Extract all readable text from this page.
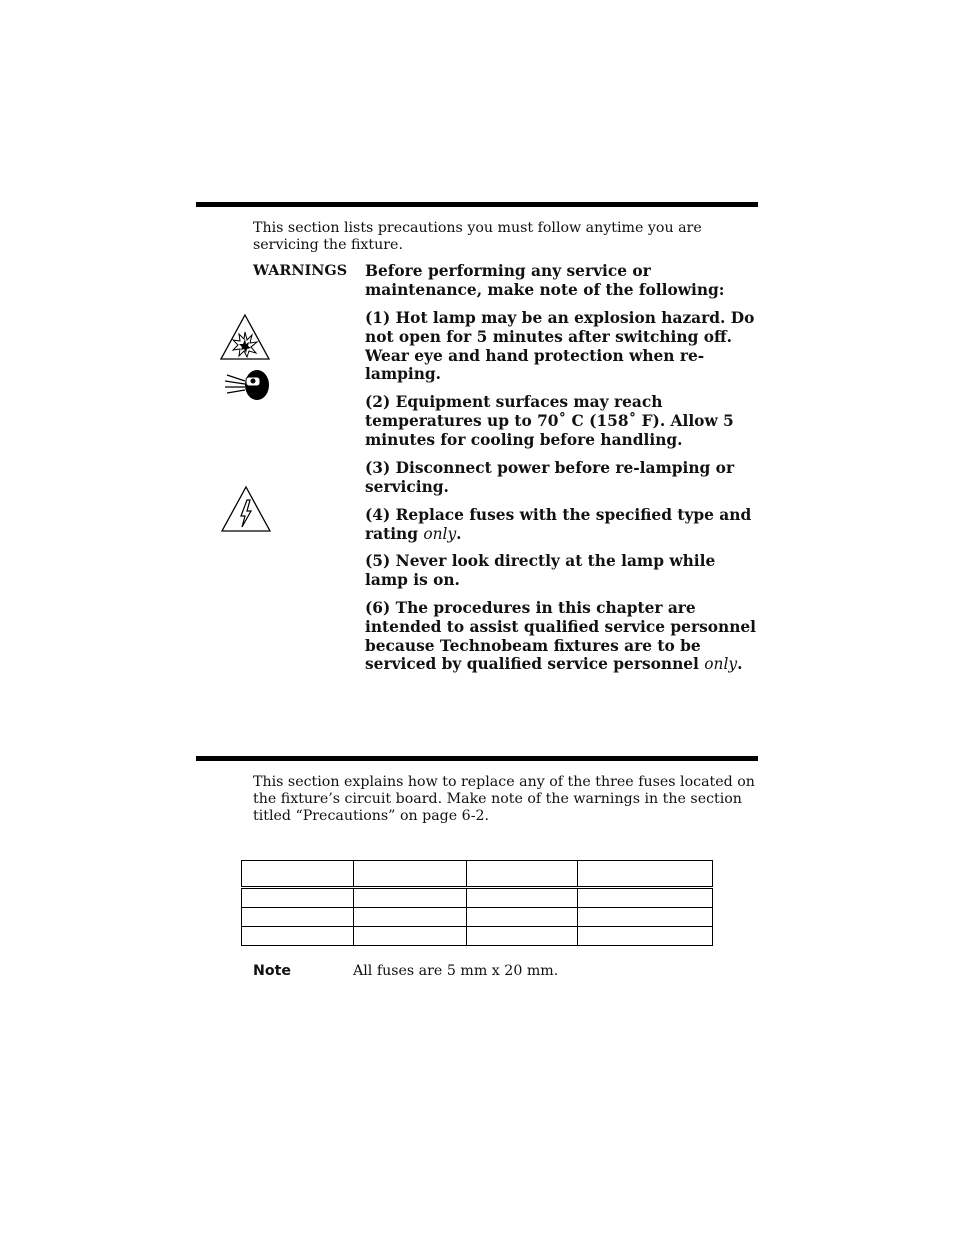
This section lists precautions you must follow anytime you are servicing the fixture.
WARNINGS Before performing any service or maintenance, make note of the following:
(1) Hot lamp may be an explosion hazard. Do not open for 5 minutes after switching off. Wear eye and hand protection when re-lamping.
(2) Equipment surfaces may reach temperatures up to 70˚ C (158˚ F). Allow 5 minutes for cooling before handling.
(3) Disconnect power before re-lamping or servicing.
(4) Replace fuses with the specified type and rating only.
(5) Never look directly at the lamp while lamp is on.
(6) The procedures in this chapter are intended to assist qualified service personnel because Technobeam fixtures are to be serviced by qualified service personnel only.
This section explains how to replace any of the three fuses located on the fixture’s circuit board. Make note of the warnings in the section titled “Precautions” on page 6-2.

Note	All fuses are 5 mm x 20 mm.
